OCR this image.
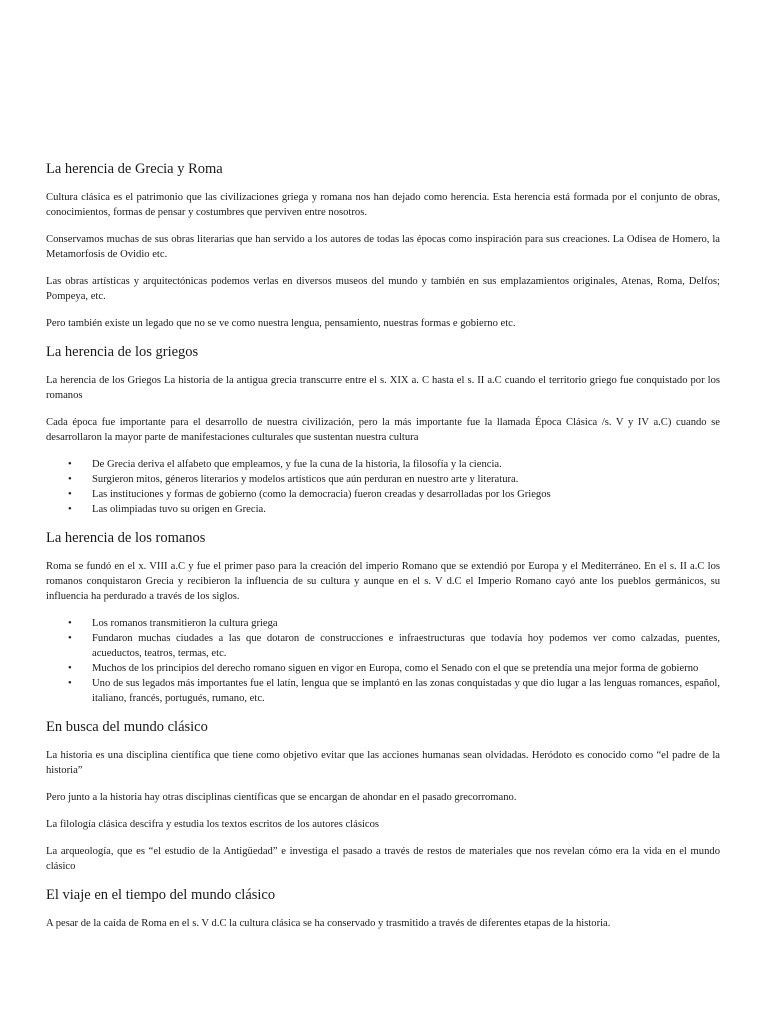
La herencia de Grecia y Roma

Cultura clásica es el patrimonio que las civilizaciones griega y romana nos han dejado como herencia. Esta herencia está formada por el conjunto de obras, conocimientos, formas de pensar y costumbres que perviven entre nosotros.

Conservamos muchas de sus obras literarias que han servido a los autores de todas las épocas como inspiración para sus creaciones. La Odisea de Homero, la Metamorfosis de Ovidio etc.

Las obras artísticas y arquitectónicas podemos verlas en diversos museos del mundo y también en sus emplazamientos originales, Atenas, Roma, Delfos; Pompeya, etc.

Pero también existe un legado que no se ve como nuestra lengua, pensamiento, nuestras formas e gobierno etc.

La herencia de los griegos

La herencia de los Griegos La historia de la antigua grecia transcurre entre el s. XIX a. C hasta el s. II a.C cuando el territorio griego fue conquistado por los romanos

Cada época fue importante para el desarrollo de nuestra civilización, pero la más importante fue la llamada Época Clásica /s. V y IV a.C) cuando se desarrollaron la mayor parte de manifestaciones culturales que sustentan nuestra cultura

• De Grecia deriva el alfabeto que empleamos, y fue la cuna de la historia, la filosofía y la ciencia.
• Surgieron mitos, géneros literarios y modelos artísticos que aún perduran en nuestro arte y literatura.
• Las instituciones y formas de gobierno (como la democracia) fueron creadas y desarrolladas por los Griegos
• Las olimpiadas tuvo su origen en Grecia.
La herencia de los romanos

Roma se fundó en el x. VIII a.C y fue el primer paso para la creación del imperio Romano que se extendió por Europa y el Mediterráneo. En el s. II a.C los romanos conquistaron Grecia y recibieron la influencia de su cultura y aunque en el s. V d.C el Imperio Romano cayó ante los pueblos germánicos, su influencia ha perdurado a través de los siglos.

• Los romanos transmitieron la cultura griega
• Fundaron muchas ciudades a las que dotaron de construcciones e infraestructuras que todavía hoy podemos ver como calzadas, puentes, acueductos, teatros, termas, etc.
• Muchos de los principios del derecho romano siguen en vigor en Europa, como el Senado con el que se pretendía una mejor forma de gobierno
• Uno de sus legados más importantes fue el latín, lengua que se implantó en las zonas conquistadas y que dio lugar a las lenguas romances, español, italiano, francés, portugués, rumano, etc.
En busca del mundo clásico

La historia es una disciplina científica que tiene como objetivo evitar que las acciones humanas sean olvidadas. Heródoto es conocido como “el padre de la historia”

Pero junto a la historia hay otras disciplinas científicas que se encargan de ahondar en el pasado grecorromano.

La filología clásica descifra y estudia los textos escritos de los autores clásicos

La arqueología, que es “el estudio de la Antigüedad” e investiga el pasado a través de restos de materiales que nos revelan cómo era la vida en el mundo clásico

El viaje en el tiempo del mundo clásico

A pesar de la caída de Roma en el s. V d.C la cultura clásica se ha conservado y trasmitido a través de diferentes etapas de la historia.
